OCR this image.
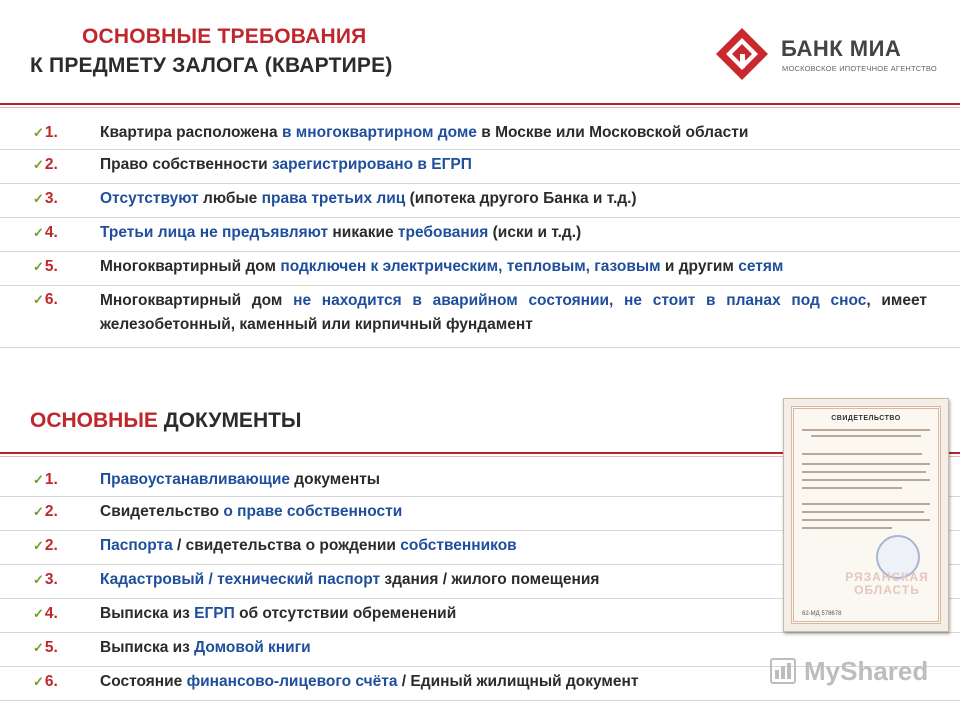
ОСНОВНЫЕ ТРЕБОВАНИЯ
К ПРЕДМЕТУ ЗАЛОГА (КВАРТИРЕ)
БАНК МИА
МОСКОВСКОЕ ИПОТЕЧНОЕ АГЕНТСТВО
✓1.	Квартира расположена в многоквартирном доме в Москве или Московской области
✓2.	Право собственности зарегистрировано в ЕГРП
✓3.	Отсутствуют любые права третьих лиц (ипотека другого Банка и т.д.)
✓4.	Третьи лица не предъявляют никакие требования (иски и т.д.)
✓5.	Многоквартирный дом подключен к электрическим, тепловым, газовым и другим сетям
✓6.	Многоквартирный дом не находится в аварийном состоянии, не стоит в планах под снос, имеет железобетонный, каменный или кирпичный фундамент
ОСНОВНЫЕ ДОКУМЕНТЫ
✓1.	Правоустанавливающие документы
✓2.	Свидетельство о праве собственности
✓2.	Паспорта / свидетельства о рождении собственников
✓3.	Кадастровый / технический паспорт здания / жилого помещения
✓4.	Выписка из ЕГРП об отсутствии обременений
✓5.	Выписка из Домовой книги
✓6.	Состояние финансово-лицевого счёта / Единый жилищный документ
СВИДЕТЕЛЬСТВО
РЯЗАНСКАЯ ОБЛАСТЬ
62-МД 578678
MyShared
